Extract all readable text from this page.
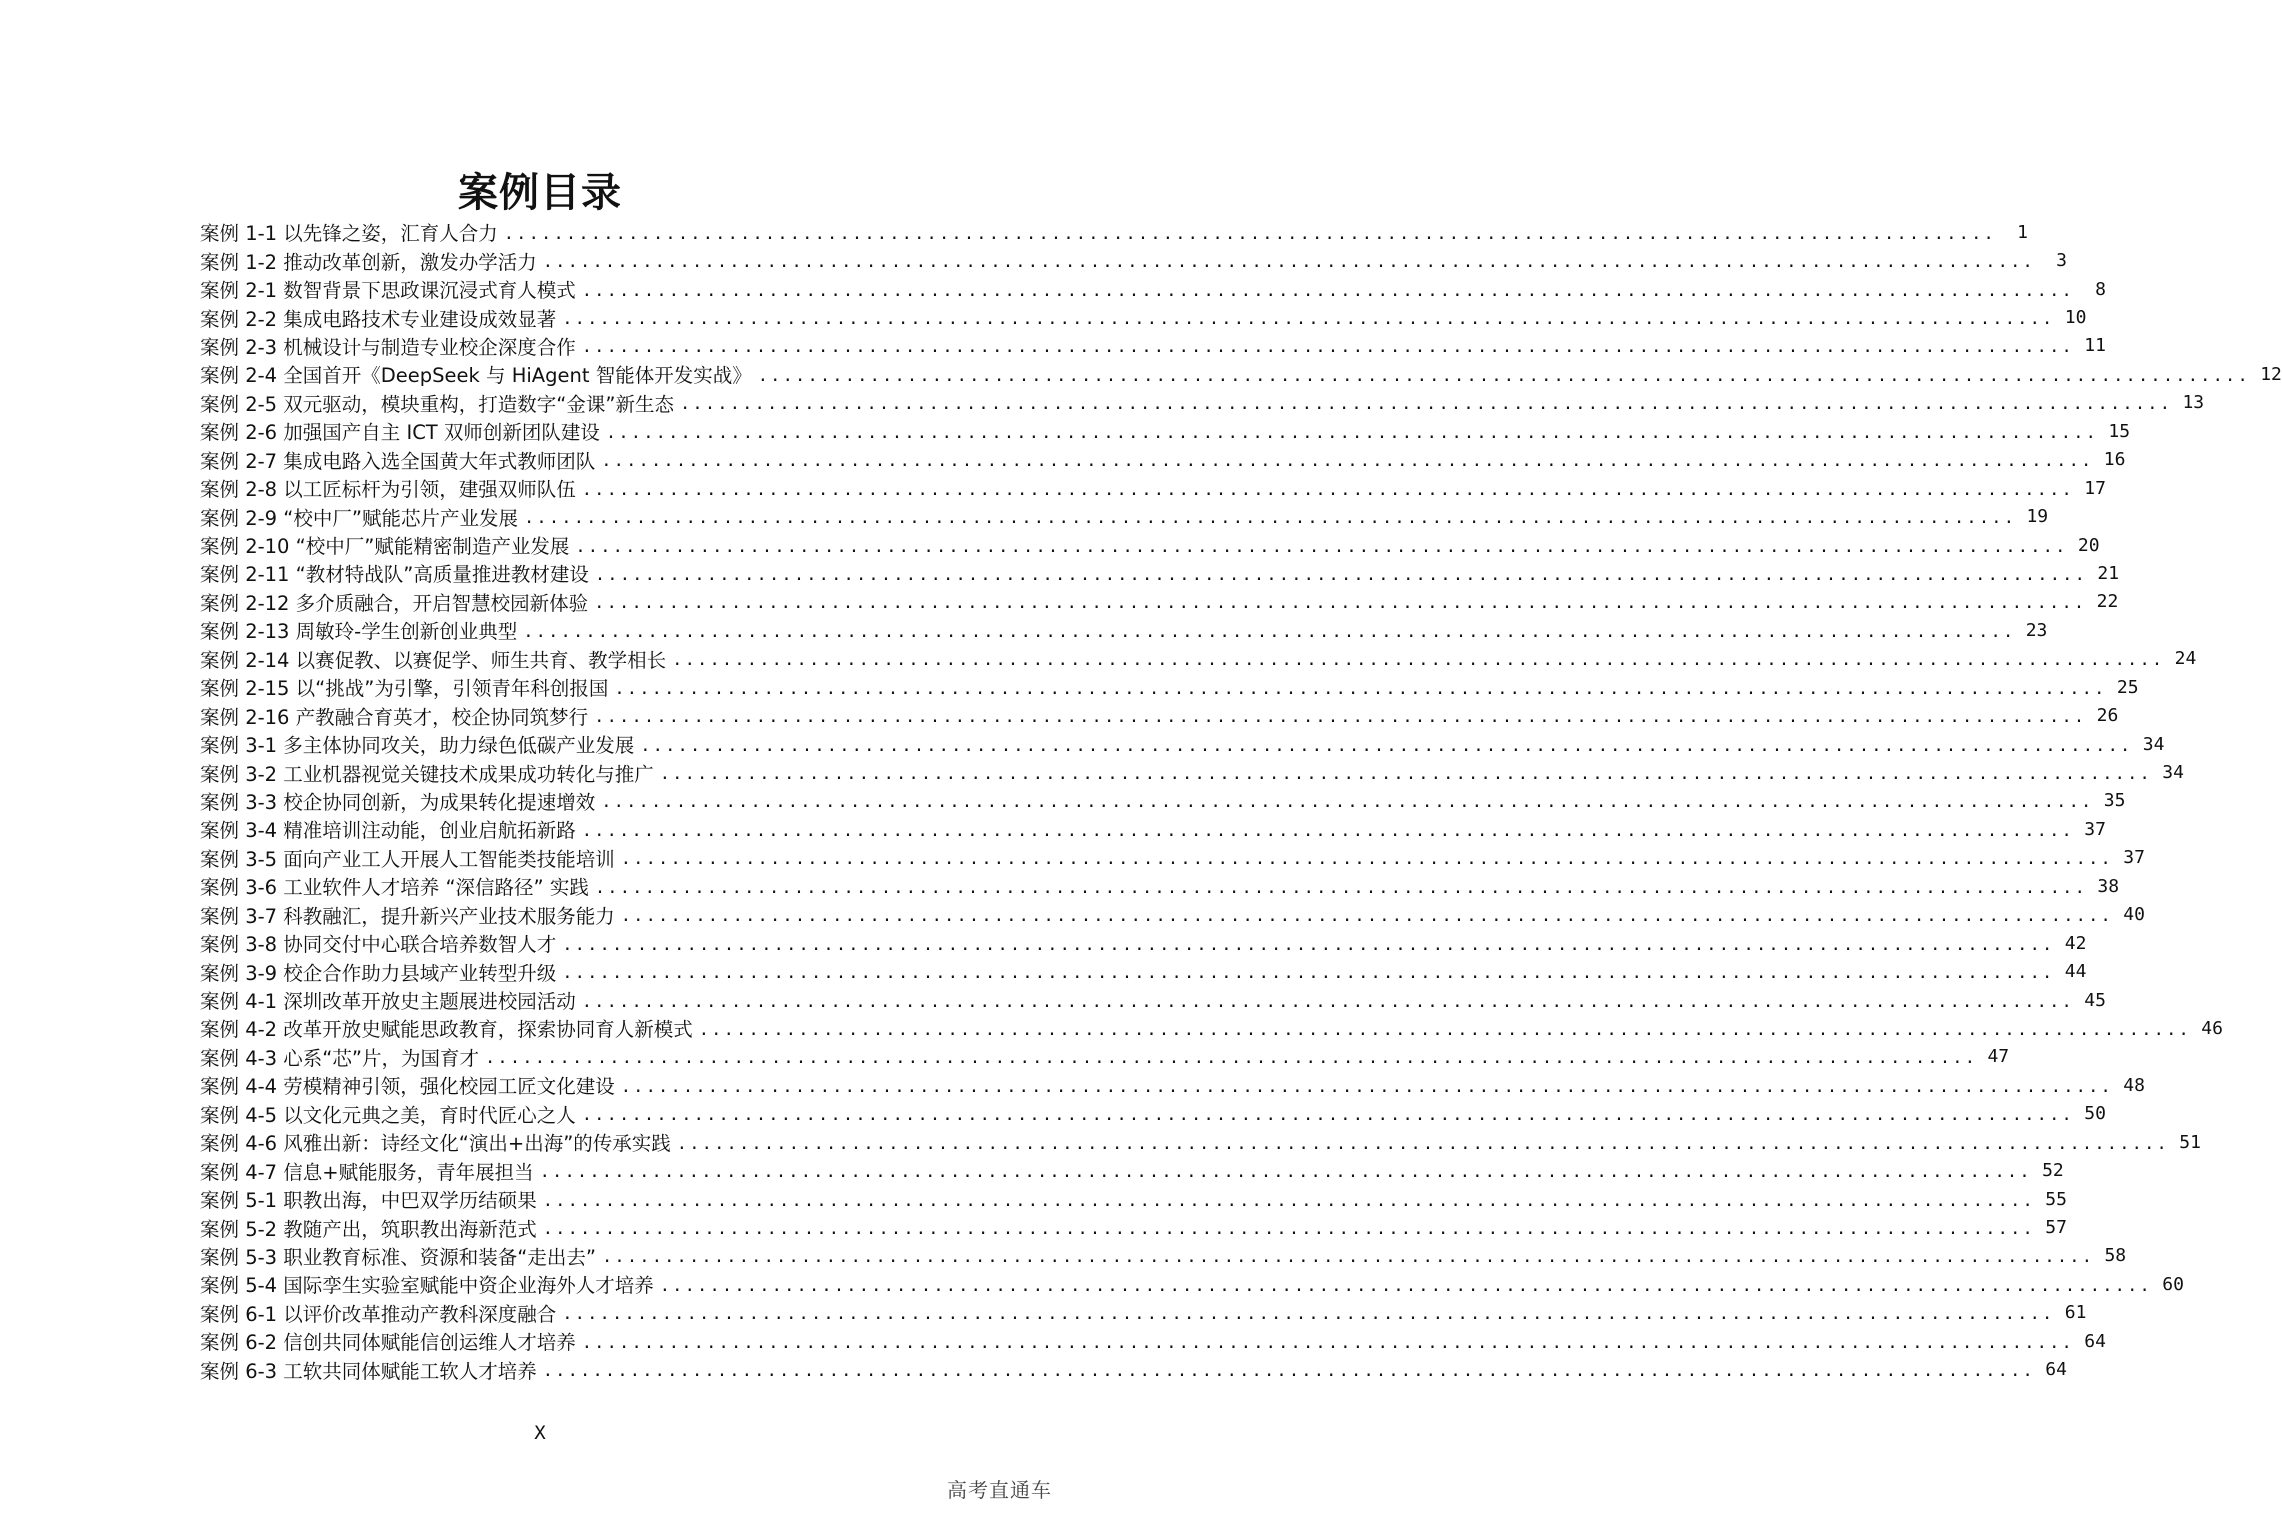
案例目录
案例 1-1 以先锋之姿，汇育人合力 ........................................................................................................................	1
案例 1-2 推动改革创新，激发办学活力 ........................................................................................................................	3
案例 2-1 数智背景下思政课沉浸式育人模式 ........................................................................................................................	8
案例 2-2 集成电路技术专业建设成效显著 ........................................................................................................................ 10
案例 2-3 机械设计与制造专业校企深度合作 ........................................................................................................................ 11
案例 2-4 全国首开《DeepSeek 与 HiAgent 智能体开发实战》 ........................................................................................................................ 12
案例 2-5 双元驱动，模块重构，打造数字“金课”新生态 ........................................................................................................................ 13
案例 2-6 加强国产自主 ICT 双师创新团队建设 ........................................................................................................................ 15
案例 2-7 集成电路入选全国黄大年式教师团队 ........................................................................................................................ 16
案例 2-8 以工匠标杆为引领，建强双师队伍 ........................................................................................................................ 17
案例 2-9 “校中厂”赋能芯片产业发展 ........................................................................................................................ 19
案例 2-10 “校中厂”赋能精密制造产业发展 ........................................................................................................................ 20
案例 2-11 “教材特战队”高质量推进教材建设 ........................................................................................................................ 21
案例 2-12 多介质融合，开启智慧校园新体验 ........................................................................................................................ 22
案例 2-13 周敏玲-学生创新创业典型 ........................................................................................................................ 23
案例 2-14 以赛促教、以赛促学、师生共育、教学相长 ........................................................................................................................ 24
案例 2-15 以“挑战”为引擎，引领青年科创报国 ........................................................................................................................ 25
案例 2-16 产教融合育英才，校企协同筑梦行 ........................................................................................................................ 26
案例 3-1 多主体协同攻关，助力绿色低碳产业发展 ........................................................................................................................ 34
案例 3-2 工业机器视觉关键技术成果成功转化与推广 ........................................................................................................................ 34
案例 3-3 校企协同创新，为成果转化提速增效 ........................................................................................................................ 35
案例 3-4 精准培训注动能，创业启航拓新路 ........................................................................................................................ 37
案例 3-5 面向产业工人开展人工智能类技能培训 ........................................................................................................................ 37
案例 3-6 工业软件人才培养 “深信路径” 实践 ........................................................................................................................ 38
案例 3-7 科教融汇，提升新兴产业技术服务能力 ........................................................................................................................ 40
案例 3-8 协同交付中心联合培养数智人才 ........................................................................................................................ 42
案例 3-9 校企合作助力县域产业转型升级 ........................................................................................................................ 44
案例 4-1 深圳改革开放史主题展进校园活动 ........................................................................................................................ 45
案例 4-2 改革开放史赋能思政教育，探索协同育人新模式 ........................................................................................................................ 46
案例 4-3 心系“芯”片，为国育才 ........................................................................................................................ 47
案例 4-4 劳模精神引领，强化校园工匠文化建设 ........................................................................................................................ 48
案例 4-5 以文化元典之美，育时代匠心之人 ........................................................................................................................ 50
案例 4-6 风雅出新：诗经文化“演出+出海”的传承实践 ........................................................................................................................ 51
案例 4-7 信息+赋能服务，青年展担当 ........................................................................................................................ 52
案例 5-1 职教出海，中巴双学历结硕果 ........................................................................................................................ 55
案例 5-2 教随产出，筑职教出海新范式 ........................................................................................................................ 57
案例 5-3 职业教育标准、资源和装备“走出去” ........................................................................................................................ 58
案例 5-4 国际孪生实验室赋能中资企业海外人才培养 ........................................................................................................................ 60
案例 6-1 以评价改革推动产教科深度融合 ........................................................................................................................ 61
案例 6-2 信创共同体赋能信创运维人才培养 ........................................................................................................................ 64
案例 6-3 工软共同体赋能工软人才培养 ........................................................................................................................ 64
X
高考直通车
